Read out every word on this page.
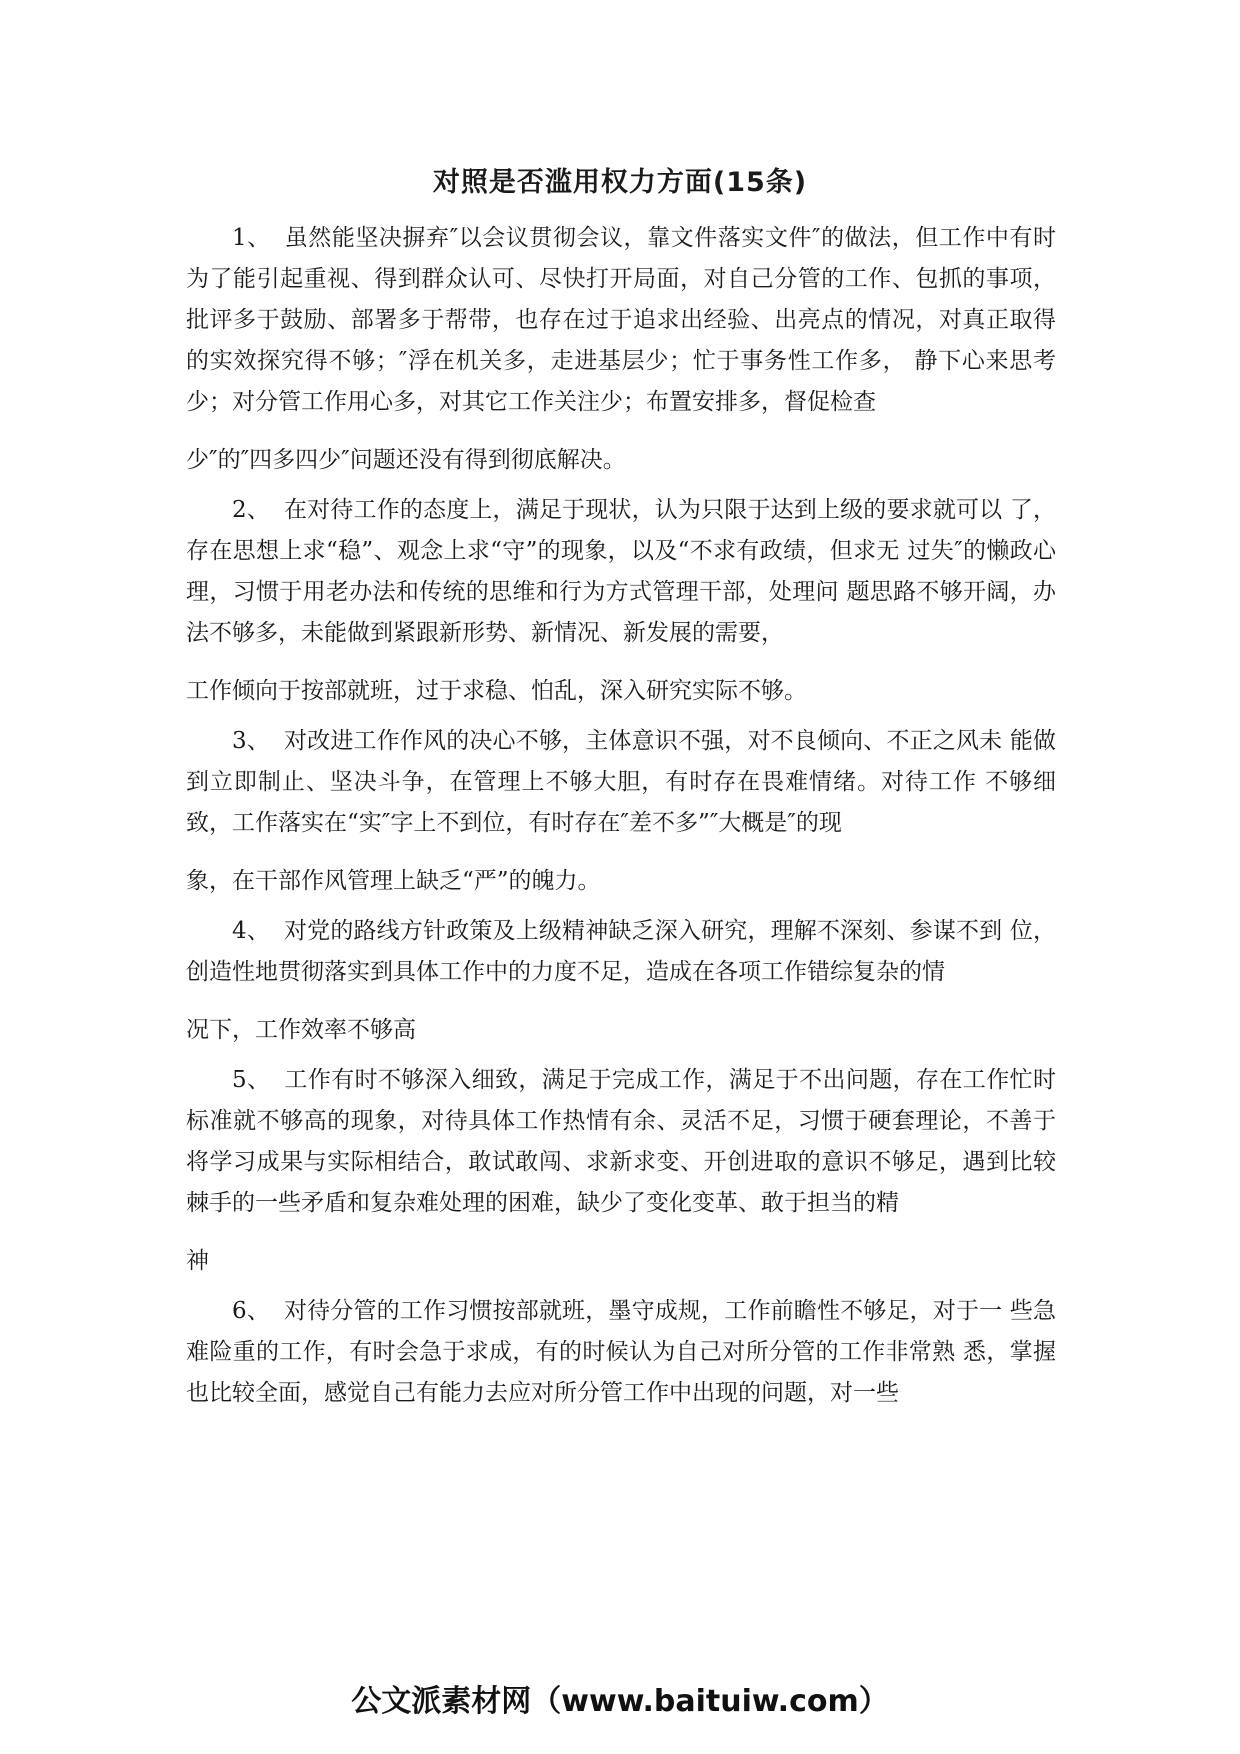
对照是否滥用权力方面(15条)

1、 虽然能坚决摒弃″以会议贯彻会议，靠文件落实文件″的做法，但工作中有时为了能引起重视、得到群众认可、尽快打开局面，对自己分管的工作、包抓的事项，批评多于鼓励、部署多于帮带，也存在过于追求出经验、出亮点的情况，对真正取得的实效探究得不够；″浮在机关多，走进基层少；忙于事务性工作多， 静下心来思考少；对分管工作用心多，对其它工作关注少；布置安排多，督促检查

少″的″四多四少″问题还没有得到彻底解决。

2、 在对待工作的态度上，满足于现状，认为只限于达到上级的要求就可以 了，存在思想上求“稳”、观念上求“守”的现象，以及“不求有政绩，但求无 过失″的懒政心理，习惯于用老办法和传统的思维和行为方式管理干部，处理问 题思路不够开阔，办法不够多，未能做到紧跟新形势、新情况、新发展的需要，

工作倾向于按部就班，过于求稳、怕乱，深入研究实际不够。

3、 对改进工作作风的决心不够，主体意识不强，对不良倾向、不正之风未 能做到立即制止、坚决斗争，在管理上不够大胆，有时存在畏难情绪。对待工作 不够细致，工作落实在“实″字上不到位，有时存在″差不多”″大概是″的现

象，在干部作风管理上缺乏“严”的魄力。

4、 对党的路线方针政策及上级精神缺乏深入研究，理解不深刻、参谋不到 位，创造性地贯彻落实到具体工作中的力度不足，造成在各项工作错综复杂的情

况下，工作效率不够高

5、 工作有时不够深入细致，满足于完成工作，满足于不出问题，存在工作忙时标准就不够高的现象，对待具体工作热情有余、灵活不足，习惯于硬套理论，不善于将学习成果与实际相结合，敢试敢闯、求新求变、开创进取的意识不够足，遇到比较棘手的一些矛盾和复杂难处理的困难，缺少了变化变革、敢于担当的精

神

6、 对待分管的工作习惯按部就班，墨守成规，工作前瞻性不够足，对于一 些急难险重的工作，有时会急于求成，有的时候认为自己对所分管的工作非常熟 悉，掌握也比较全面，感觉自己有能力去应对所分管工作中出现的问题，对一些

公文派素材网（www.baituiw.com）
